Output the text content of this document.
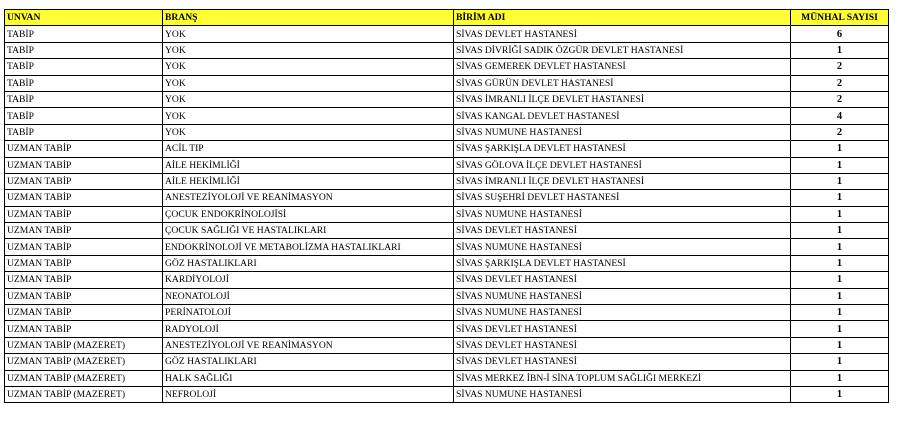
UNVAN	BRANŞ	BİRİM ADI	MÜNHAL SAYISI
TABİP	YOK	SİVAS DEVLET HASTANESİ	6
TABİP	YOK	SİVAS DİVRİĞİ SADIK ÖZGÜR DEVLET HASTANESİ	1
TABİP	YOK	SİVAS GEMEREK DEVLET HASTANESİ	2
TABİP	YOK	SİVAS GÜRÜN DEVLET HASTANESİ	2
TABİP	YOK	SİVAS İMRANLI İLÇE DEVLET HASTANESİ	2
TABİP	YOK	SİVAS KANGAL DEVLET HASTANESİ	4
TABİP	YOK	SİVAS NUMUNE HASTANESİ	2
UZMAN TABİP	ACİL TIP	SİVAS ŞARKIŞLA DEVLET HASTANESİ	1
UZMAN TABİP	AİLE HEKİMLİĞİ	SİVAS GÖLOVA İLÇE DEVLET HASTANESİ	1
UZMAN TABİP	AİLE HEKİMLİĞİ	SİVAS İMRANLI İLÇE DEVLET HASTANESİ	1
UZMAN TABİP	ANESTEZİYOLOJİ VE REANİMASYON	SİVAS SUŞEHRİ DEVLET HASTANESİ	1
UZMAN TABİP	ÇOCUK ENDOKRİNOLOJİSİ	SİVAS NUMUNE HASTANESİ	1
UZMAN TABİP	ÇOCUK SAĞLIĞI VE HASTALIKLARI	SİVAS DEVLET HASTANESİ	1
UZMAN TABİP	ENDOKRİNOLOJİ VE METABOLİZMA HASTALIKLARI	SİVAS NUMUNE HASTANESİ	1
UZMAN TABİP	GÖZ HASTALIKLARI	SİVAS ŞARKIŞLA DEVLET HASTANESİ	1
UZMAN TABİP	KARDİYOLOJİ	SİVAS DEVLET HASTANESİ	1
UZMAN TABİP	NEONATOLOJİ	SİVAS NUMUNE HASTANESİ	1
UZMAN TABİP	PERİNATOLOJİ	SİVAS NUMUNE HASTANESİ	1
UZMAN TABİP	RADYOLOJİ	SİVAS DEVLET HASTANESİ	1
UZMAN TABİP (MAZERET)	ANESTEZİYOLOJİ VE REANİMASYON	SİVAS DEVLET HASTANESİ	1
UZMAN TABİP (MAZERET)	GÖZ HASTALIKLARI	SİVAS DEVLET HASTANESİ	1
UZMAN TABİP (MAZERET)	HALK SAĞLIĞI	SİVAS MERKEZ İBN-İ SİNA TOPLUM SAĞLIĞI MERKEZİ	1
UZMAN TABİP (MAZERET)	NEFROLOJİ	SİVAS NUMUNE HASTANESİ	1
